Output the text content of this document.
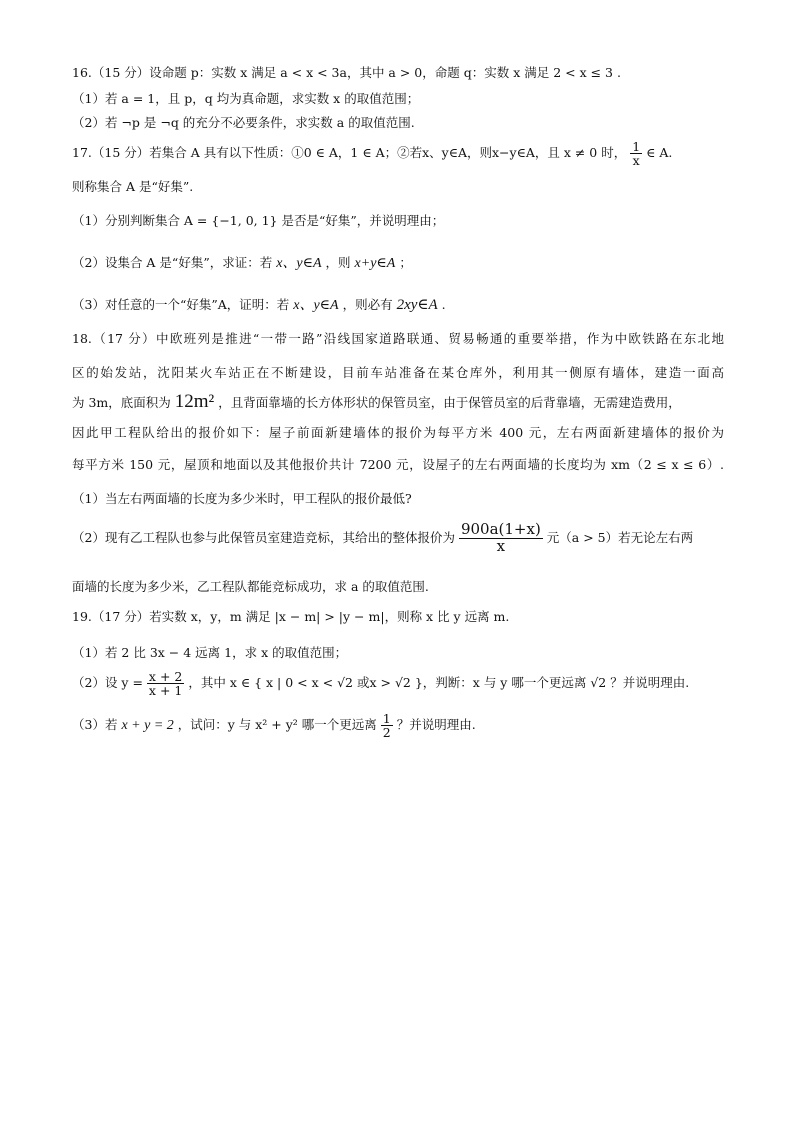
16.（15 分）设命题 p：实数 x 满足 a < x < 3a，其中 a > 0，命题 q：实数 x 满足 2 < x ≤ 3 .
（1）若 a = 1，且 p，q 均为真命题，求实数 x 的取值范围；
（2）若 ¬p 是 ¬q 的充分不必要条件，求实数 a 的取值范围.
17.（15 分）若集合 A 具有以下性质：①0 ∈ A，1 ∈ A；②若x、y∈A，则x−y∈A，且 x ≠ 0 时， $\frac{1}{x}$ ∈ A.
则称集合 A 是“好集”.
（1）分别判断集合 A = {−1, 0, 1} 是否是“好集”，并说明理由；
（2）设集合 A 是“好集”，求证：若 x、y∈A ，则 x+y∈A ；
（3）对任意的一个“好集”A，证明：若 x、y∈A ，则必有 2xy∈A .
18.（17 分）中欧班列是推进“一带一路”沿线国家道路联通、贸易畅通的重要举措，作为中欧铁路在东北地
区的始发站，沈阳某火车站正在不断建设，目前车站准备在某仓库外，利用其一侧原有墙体，建造一面高
为 3m，底面积为 12m² ，且背面靠墙的长方体形状的保管员室，由于保管员室的后背靠墙，无需建造费用，
因此甲工程队给出的报价如下：屋子前面新建墙体的报价为每平方米 400 元，左右两面新建墙体的报价为
每平方米 150 元，屋顶和地面以及其他报价共计 7200 元，设屋子的左右两面墙的长度均为 xm（2 ≤ x ≤ 6）.
（1）当左右两面墙的长度为多少米时，甲工程队的报价最低?
（2）现有乙工程队也参与此保管员室建造竞标，其给出的整体报价为 $\frac{900a(1+x)}{x}$ 元（a > 5）若无论左右两
面墙的长度为多少米，乙工程队都能竞标成功，求 a 的取值范围.
19.（17 分）若实数 x，y，m 满足 |x − m| > |y − m|，则称 x 比 y 远离 m.
（1）若 2 比 3x − 4 远离 1，求 x 的取值范围；
（2）设 $y = \frac{x + 2}{x + 1}$ ，其中 x ∈ { x | 0 < x < √2 或x > √2 }，判断：x 与 y 哪一个更远离 √2 ？并说明理由.
（3）若 x + y = 2 ，试问：y 与 x² + y² 哪一个更远离 $\frac{1}{2}$ ？并说明理由.
